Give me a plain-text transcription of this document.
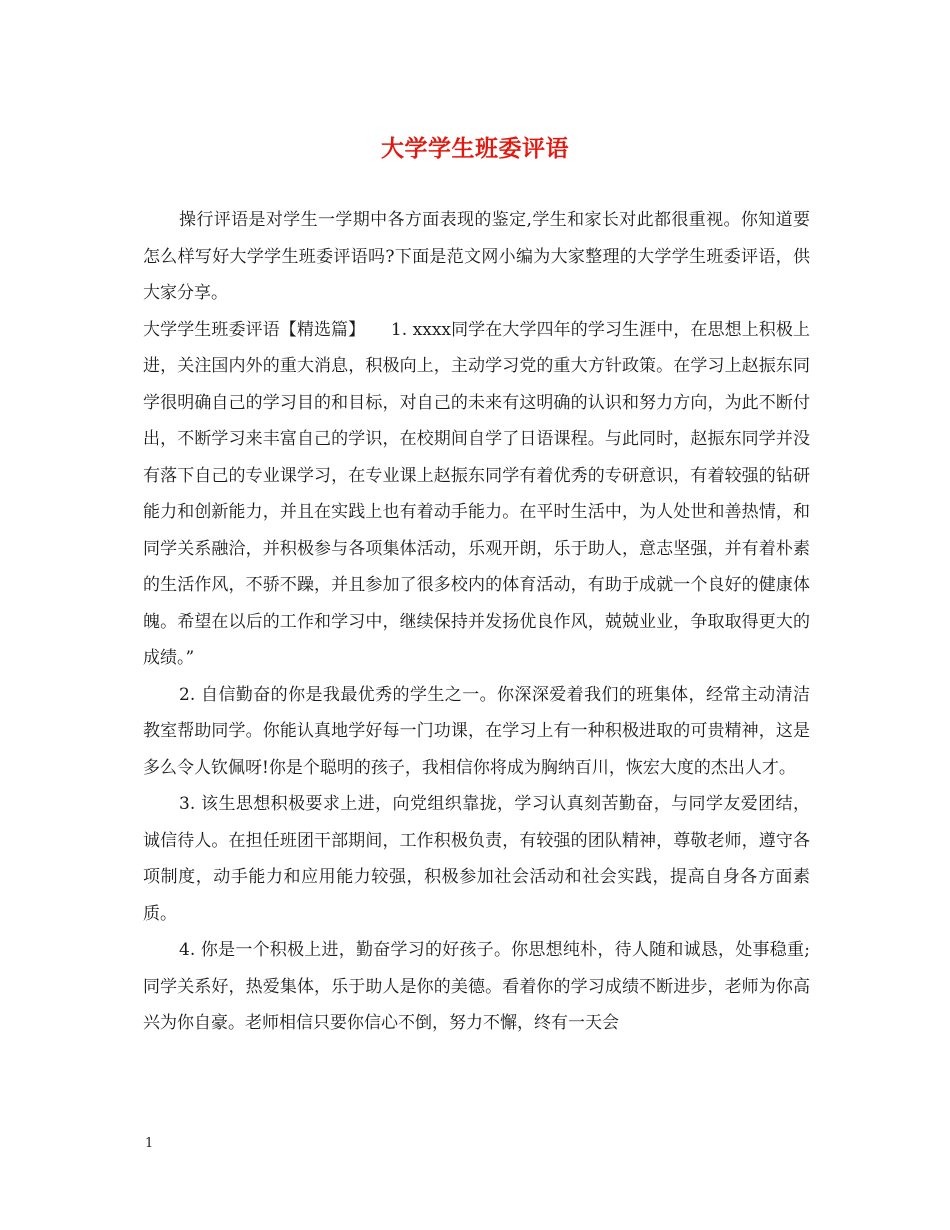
大学学生班委评语

操行评语是对学生一学期中各方面表现的鉴定,学生和家长对此都很重视。你知道要怎么样写好大学学生班委评语吗?下面是范文网小编为大家整理的大学学生班委评语，供大家分享。

大学学生班委评语【精选篇】　　1. xxxx同学在大学四年的学习生涯中，在思想上积极上进，关注国内外的重大消息，积极向上，主动学习党的重大方针政策。在学习上赵振东同学很明确自己的学习目的和目标，对自己的未来有这明确的认识和努力方向，为此不断付出，不断学习来丰富自己的学识，在校期间自学了日语课程。与此同时，赵振东同学并没有落下自己的专业课学习，在专业课上赵振东同学有着优秀的专研意识，有着较强的钻研能力和创新能力，并且在实践上也有着动手能力。在平时生活中，为人处世和善热情，和同学关系融洽，并积极参与各项集体活动，乐观开朗，乐于助人，意志坚强，并有着朴素的生活作风，不骄不躁，并且参加了很多校内的体育活动，有助于成就一个良好的健康体魄。希望在以后的工作和学习中，继续保持并发扬优良作风，兢兢业业，争取取得更大的成绩。”

2. 自信勤奋的你是我最优秀的学生之一。你深深爱着我们的班集体，经常主动清洁教室帮助同学。你能认真地学好每一门功课，在学习上有一种积极进取的可贵精神，这是多么令人钦佩呀!你是个聪明的孩子，我相信你将成为胸纳百川，恢宏大度的杰出人才。

3. 该生思想积极要求上进，向党组织靠拢，学习认真刻苦勤奋，与同学友爱团结，诚信待人。在担任班团干部期间，工作积极负责，有较强的团队精神，尊敬老师，遵守各项制度，动手能力和应用能力较强，积极参加社会活动和社会实践，提高自身各方面素质。

4. 你是一个积极上进，勤奋学习的好孩子。你思想纯朴，待人随和诚恳，处事稳重;同学关系好，热爱集体，乐于助人是你的美德。看着你的学习成绩不断进步，老师为你高兴为你自豪。老师相信只要你信心不倒，努力不懈，终有一天会

1
